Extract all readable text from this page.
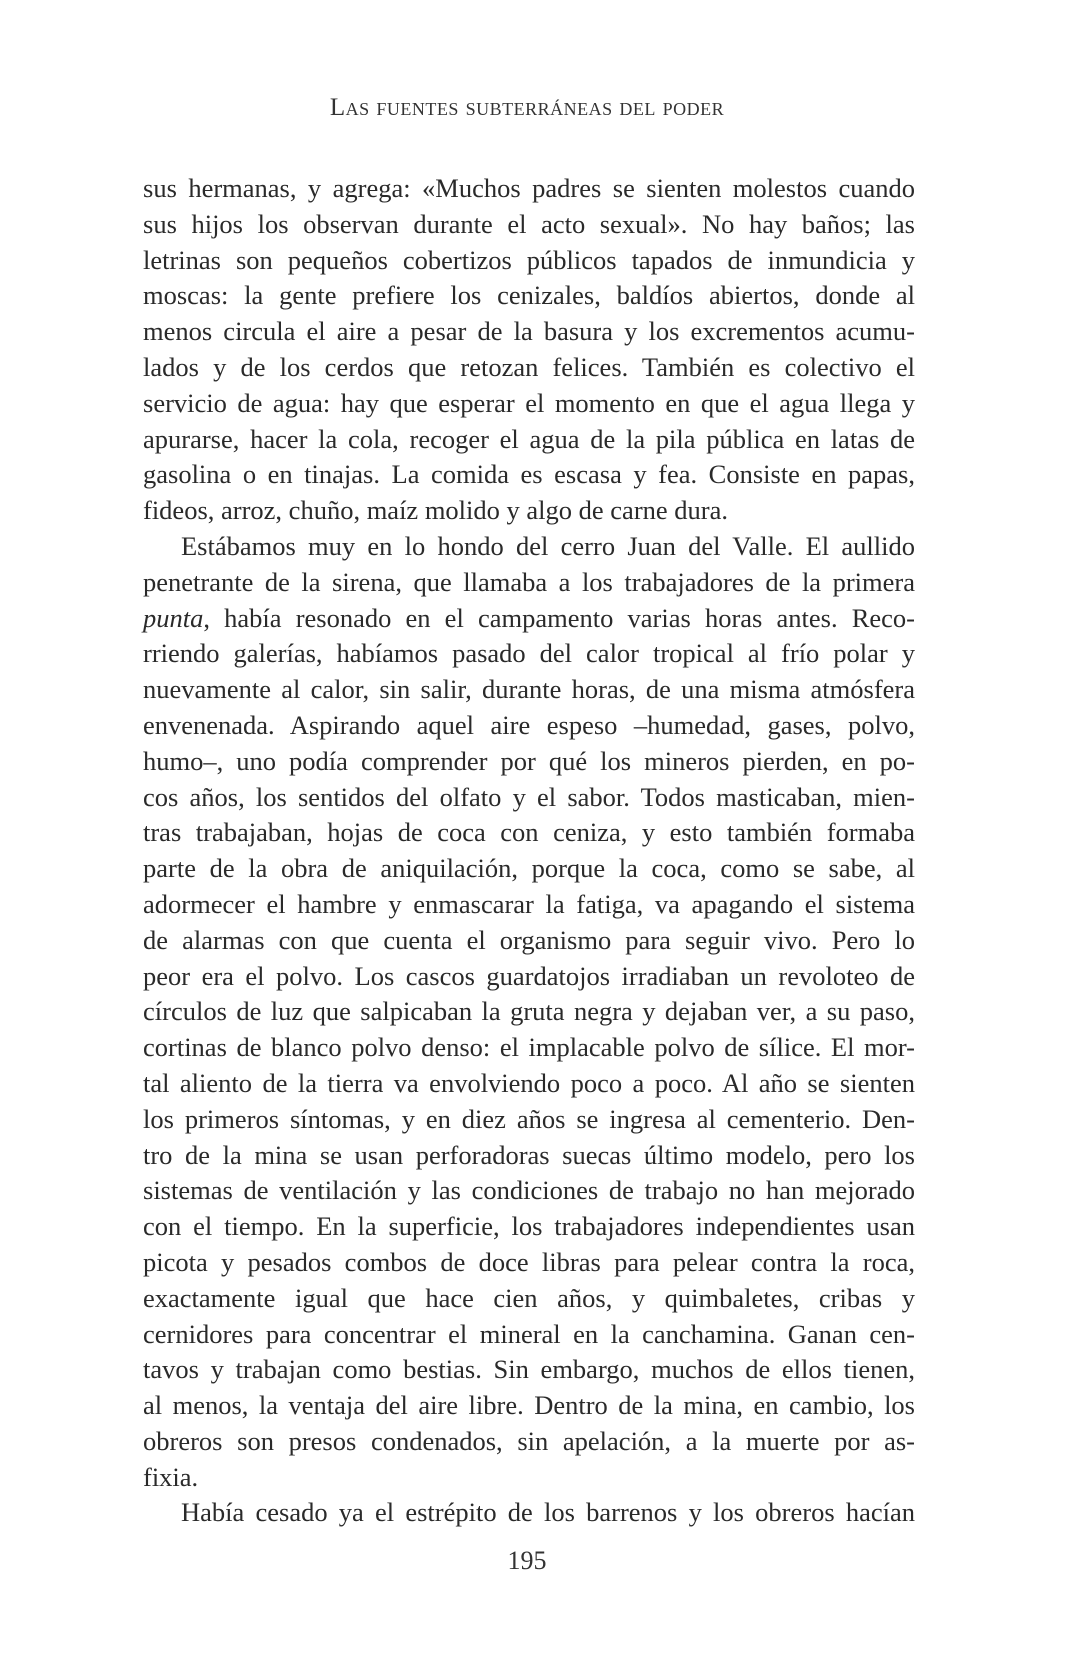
Las fuentes subterráneas del poder
sus hermanas, y agrega: «Muchos padres se sienten molestos cuando
sus hijos los observan durante el acto sexual». No hay baños; las
letrinas son pequeños cobertizos públicos tapados de inmundicia y
moscas: la gente prefiere los cenizales, baldíos abiertos, donde al
menos circula el aire a pesar de la basura y los excrementos acumu-
lados y de los cerdos que retozan felices. También es colectivo el
servicio de agua: hay que esperar el momento en que el agua llega y
apurarse, hacer la cola, recoger el agua de la pila pública en latas de
gasolina o en tinajas. La comida es escasa y fea. Consiste en papas,
fideos, arroz, chuño, maíz molido y algo de carne dura.
Estábamos muy en lo hondo del cerro Juan del Valle. El aullido
penetrante de la sirena, que llamaba a los trabajadores de la primera
punta, había resonado en el campamento varias horas antes. Reco-
rriendo galerías, habíamos pasado del calor tropical al frío polar y
nuevamente al calor, sin salir, durante horas, de una misma atmósfera
envenenada. Aspirando aquel aire espeso –humedad, gases, polvo,
humo–, uno podía comprender por qué los mineros pierden, en po-
cos años, los sentidos del olfato y el sabor. Todos masticaban, mien-
tras trabajaban, hojas de coca con ceniza, y esto también formaba
parte de la obra de aniquilación, porque la coca, como se sabe, al
adormecer el hambre y enmascarar la fatiga, va apagando el sistema
de alarmas con que cuenta el organismo para seguir vivo. Pero lo
peor era el polvo. Los cascos guardatojos irradiaban un revoloteo de
círculos de luz que salpicaban la gruta negra y dejaban ver, a su paso,
cortinas de blanco polvo denso: el implacable polvo de sílice. El mor-
tal aliento de la tierra va envolviendo poco a poco. Al año se sienten
los primeros síntomas, y en diez años se ingresa al cementerio. Den-
tro de la mina se usan perforadoras suecas último modelo, pero los
sistemas de ventilación y las condiciones de trabajo no han mejorado
con el tiempo. En la superficie, los trabajadores independientes usan
picota y pesados combos de doce libras para pelear contra la roca,
exactamente igual que hace cien años, y quimbaletes, cribas y
cernidores para concentrar el mineral en la canchamina. Ganan cen-
tavos y trabajan como bestias. Sin embargo, muchos de ellos tienen,
al menos, la ventaja del aire libre. Dentro de la mina, en cambio, los
obreros son presos condenados, sin apelación, a la muerte por as-
fixia.
Había cesado ya el estrépito de los barrenos y los obreros hacían
195
